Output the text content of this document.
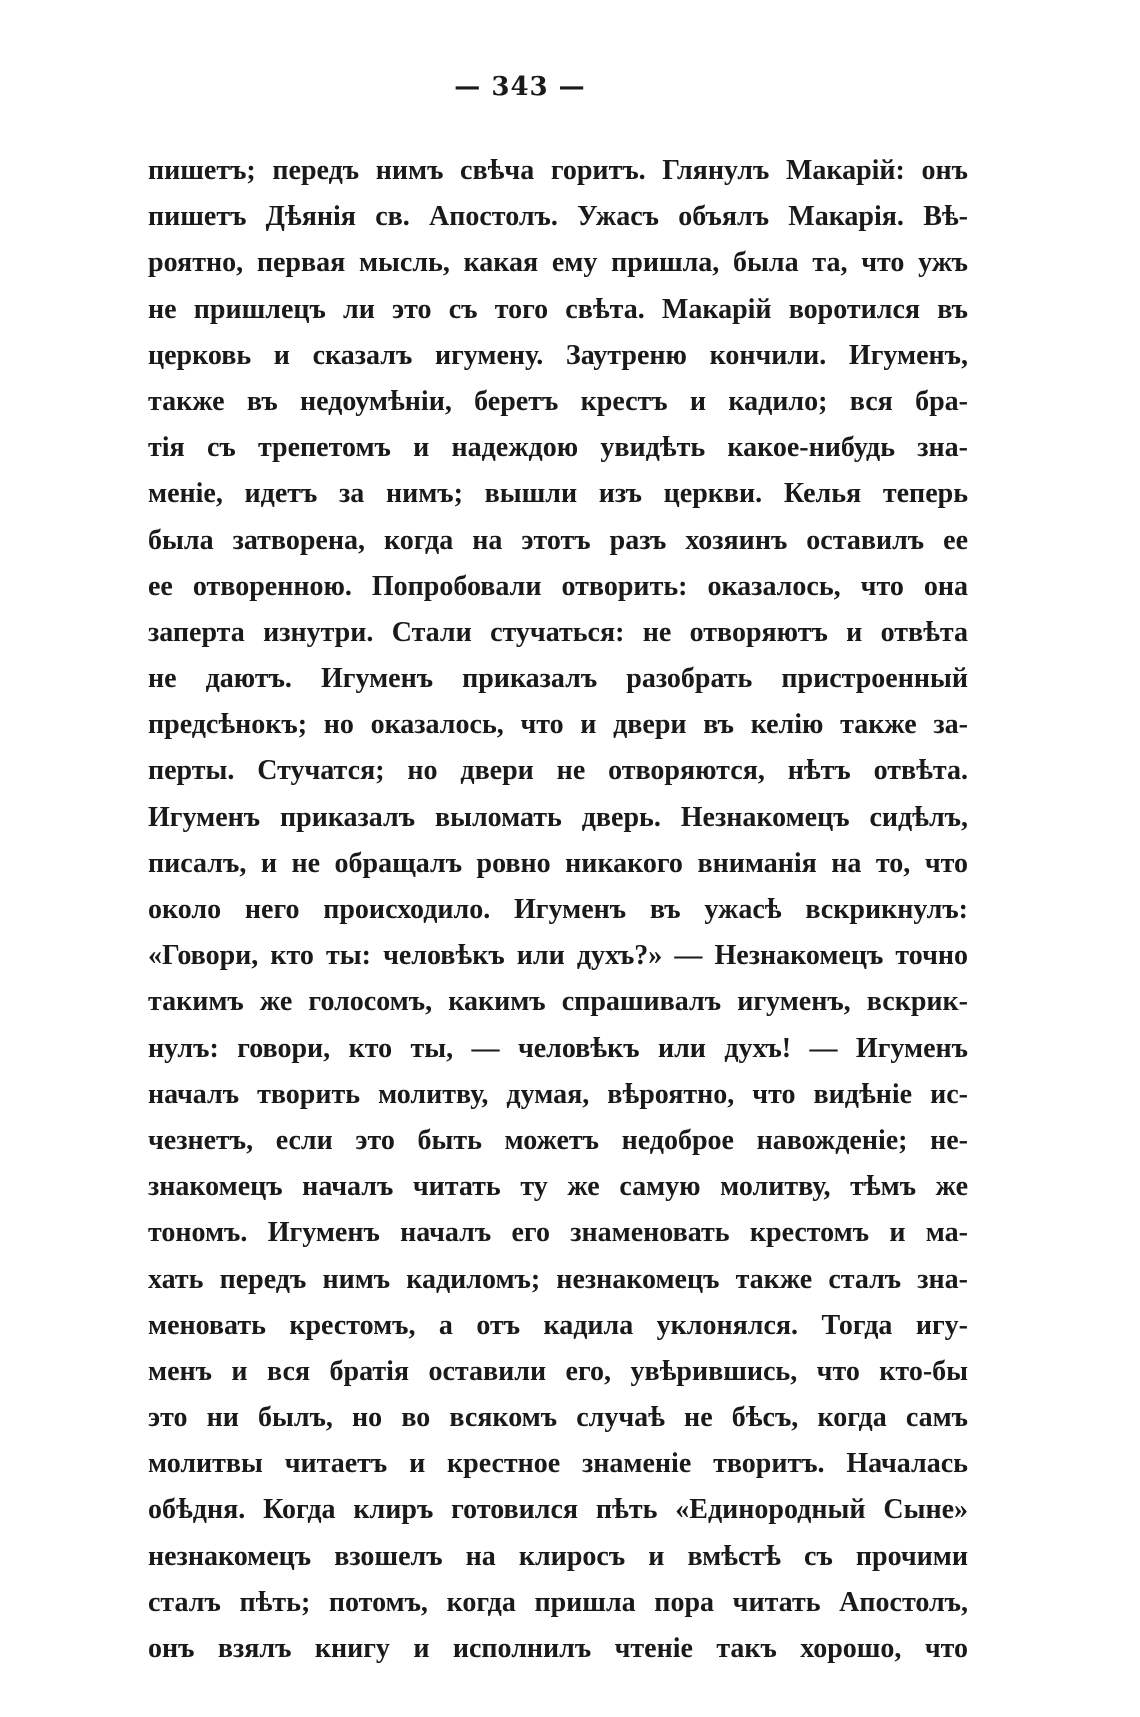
— 343 —
пишетъ; передъ нимъ свѣча горитъ. Глянулъ Макарій: онъ
пишетъ Дѣянія св. Апостолъ. Ужасъ объялъ Макарія. Вѣ-
роятно, первая мысль, какая ему пришла, была та, что ужъ
не пришлецъ ли это съ того свѣта. Макарій воротился въ
церковь и сказалъ игумену. Заутреню кончили. Игуменъ,
также въ недоумѣніи, беретъ крестъ и кадило; вся бра-
тія съ трепетомъ и надеждою увидѣть какое-нибудь зна-
меніе, идетъ за нимъ; вышли изъ церкви. Келья теперь
была затворена, когда на этотъ разъ хозяинъ оставилъ ее
ее отворенною. Попробовали отворить: оказалось, что она
заперта изнутри. Стали стучаться: не отворяютъ и отвѣта
не даютъ. Игуменъ приказалъ разобрать пристроенный
предсѣнокъ; но оказалось, что и двери въ келію также за-
перты. Стучатся; но двери не отворяются, нѣтъ отвѣта.
Игуменъ приказалъ выломать дверь. Незнакомецъ сидѣлъ,
писалъ, и не обращалъ ровно никакого вниманія на то, что
около него происходило. Игуменъ въ ужасѣ вскрикнулъ:
«Говори, кто ты: человѣкъ или духъ?» — Незнакомецъ точно
такимъ же голосомъ, какимъ спрашивалъ игуменъ, вскрик-
нулъ: говори, кто ты, — человѣкъ или духъ! — Игуменъ
началъ творить молитву, думая, вѣроятно, что видѣніе ис-
чезнетъ, если это быть можетъ недоброе навожденіе; не-
знакомецъ началъ читать ту же самую молитву, тѣмъ же
тономъ. Игуменъ началъ его знаменовать крестомъ и ма-
хать передъ нимъ кадиломъ; незнакомецъ также сталъ зна-
меновать крестомъ, а отъ кадила уклонялся. Тогда игу-
менъ и вся братія оставили его, увѣрившись, что кто-бы
это ни былъ, но во всякомъ случаѣ не бѣсъ, когда самъ
молитвы читаетъ и крестное знаменіе творитъ. Началась
обѣдня. Когда клиръ готовился пѣть «Единородный Сыне»
незнакомецъ взошелъ на клиросъ и вмѣстѣ съ прочими
сталъ пѣть; потомъ, когда пришла пора читать Апостолъ,
онъ взялъ книгу и исполнилъ чтеніе такъ хорошо, что
